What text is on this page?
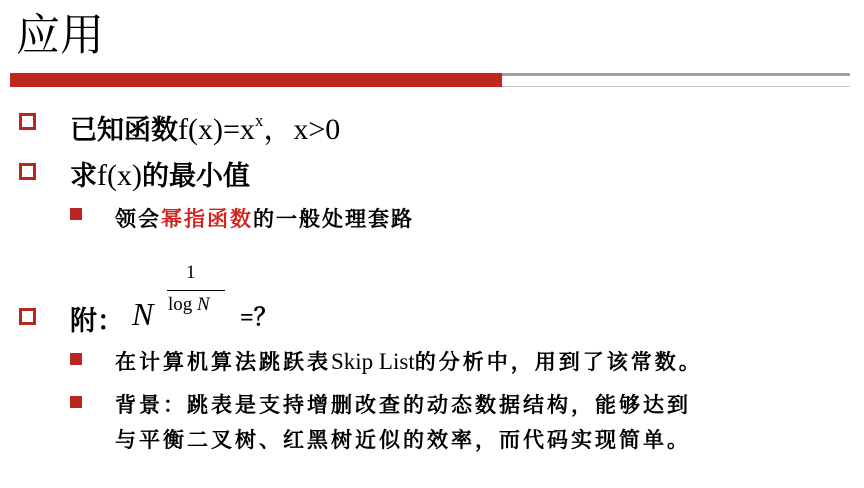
应用
已知函数$f(x)=x^x$，x>0
求f(x)的最小值
领会幂指函数的一般处理套路
附： N
1
log N
=？
在计算机算法跳跃表Skip List的分析中，用到了该常数。
背景：跳表是支持增删改查的动态数据结构，能够达到
与平衡二叉树、红黑树近似的效率，而代码实现简单。
